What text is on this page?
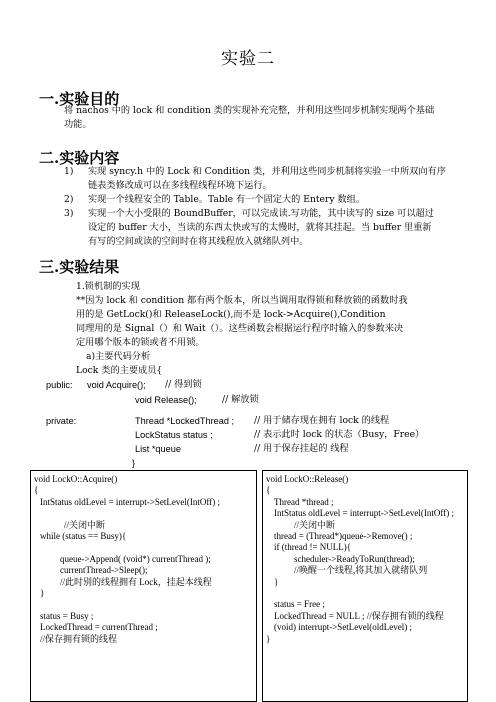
实验二
一.实验目的
将 nachos 中的 lock 和 condition 类的实现补充完整，并利用这些同步机制实现两个基础
功能。
二.实验内容
1) 实现 syncy.h 中的 Lock 和 Condition 类，并利用这些同步机制将实验一中所双向有序
链表类修改成可以在多线程线程环境下运行。
2) 实现一个线程安全的 Table。Table 有一个固定大的 Entery 数组。
3) 实现一个大小受限的 BoundBuffer，可以完成读.写功能，其中读写的 size 可以超过
设定的 buffer 大小，当读的东西太快或写的太慢时，就将其挂起。当 buffer 里重新
有写的空间或读的空间时在将其线程放入就绪队列中。
三.实验结果
1.锁机制的实现
**因为 lock 和 condition 都有两个版本，所以当调用取得锁和释放锁的函数时我
用的是 GetLock()和 ReleaseLock(),而不是 lock->Acquire(),Condition
同理用的是 Signal（）和 Wait（）。这些函数会根据运行程序时输入的参数来决
定用哪个版本的锁或者不用锁。
a)主要代码分析
Lock 类的主要成员{
public: void Acquire(); // 得到锁
void Release();	// 解放锁
private:	Thread *LockedThread ; // 用于储存现在拥有 lock 的线程
LockStatus status ;	// 表示此时 lock 的状态（Busy，Free）
List *queue	// 用于保存挂起的 线程
}
void LockO::Acquire()
{
IntStatus oldLevel = interrupt->SetLevel(IntOff) ;
//关闭中断
while (status == Busy){
queue->Append( (void*) currentThread );
currentThread->Sleep();
//此时别的线程拥有 Lock，挂起本线程
}
status = Busy ;
LockedThread = currentThread ;
//保存拥有锁的线程
void LockO::Release()
{
Thread *thread ;
IntStatus oldLevel = interrupt->SetLevel(IntOff) ;
//关闭中断
thread = (Thread*)queue->Remove() ;
if (thread != NULL){
scheduler->ReadyToRun(thread);
//唤醒一个线程,将其加入就绪队列
}
status = Free ;
LockedThread = NULL ; //保存拥有锁的线程
(void) interrupt->SetLevel(oldLevel) ;
}
